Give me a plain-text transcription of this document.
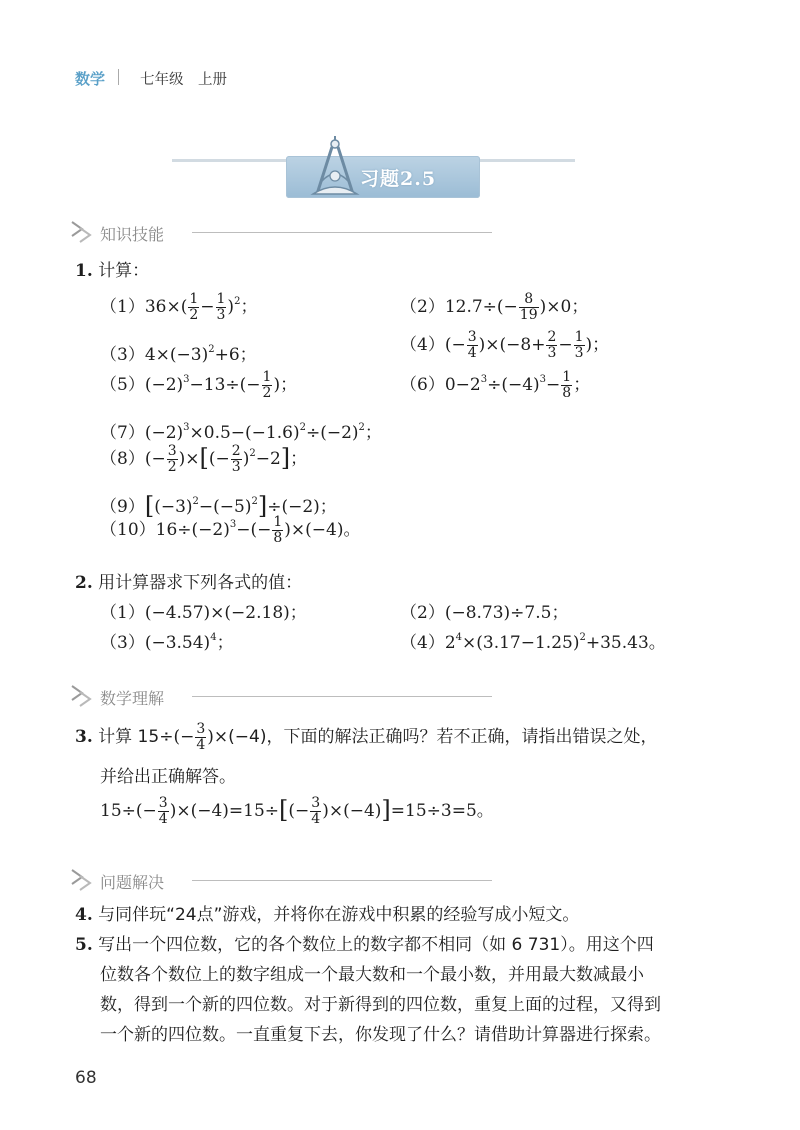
数学 七年级　上册
习题2.5
知识技能
1. 计算：
$(1)36\times( \frac{1}{2} - \frac{1}{3} )^2$；	$(2)12.7\div(- \frac{8}{19} )\times 0$；
$(3)4\times(-3)^2+6$；	$(4)(- \frac{3}{4} )\times(-8+ \frac{2}{3} - \frac{1}{3}$ )；
$(5)(-2)^3-13\div(- \frac{1}{2}$ )；	$(6)0-2^3\div(-4)^3- \frac{1}{8}$ ；
$(7)(-2)^3\times 0.5-(-1.6)^2\div(-2)^2$；
$(8)(- \frac{3}{2}$ )×[(− $\frac{2}{3} )^2-2$]；
$(9)[(-3)^2-(-5)^2]\div(-2)$；
$(10)16\div(-2)^3-(- \frac{1}{8} )\times(-4)$。
2. 用计算器求下列各式的值：
（1）(−4.57)×(−2.18)；	（2）(−8.73)÷7.5；
$(3)(-3.54)^4$；	$(4)2^4\times(3.17-1.25)^2+35.43$。
数学理解
3. 计算 $15\div(- \frac{3}{4} )\times(-4)$，下面的解法正确吗？若不正确，请指出错误之处，
并给出正确解答。
$15\div(- \frac{3}{4} )\times(-4)=15\div[(- \frac{3}{4} )\times(-4)]=15\div 3=5$。
问题解决
4. 与同伴玩“24点”游戏，并将你在游戏中积累的经验写成小短文。
5. 写出一个四位数，它的各个数位上的数字都不相同（如 6 731）。用这个四
位数各个数位上的数字组成一个最大数和一个最小数，并用最大数减最小
数，得到一个新的四位数。对于新得到的四位数，重复上面的过程，又得到
一个新的四位数。一直重复下去，你发现了什么？请借助计算器进行探索。
68
